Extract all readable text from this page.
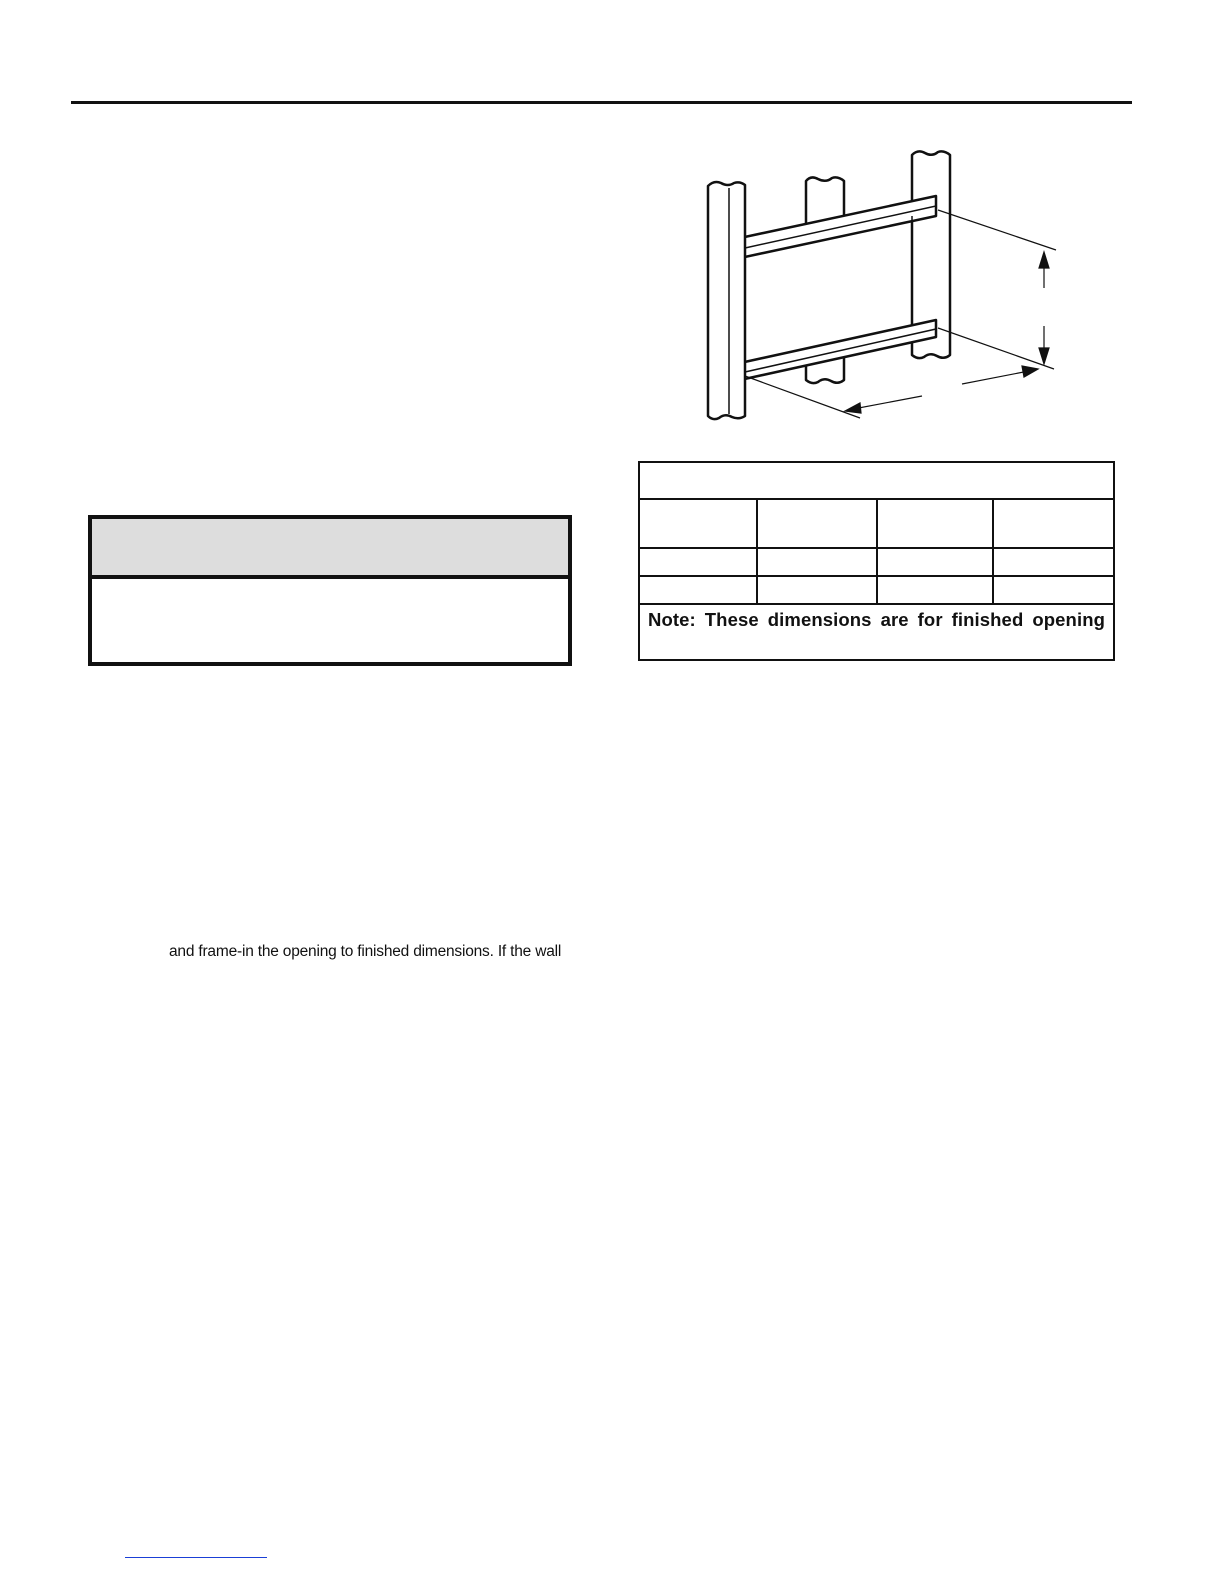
and frame-in the opening to finished dimensions. If the wall

Note: These dimensions are for finished opening			
